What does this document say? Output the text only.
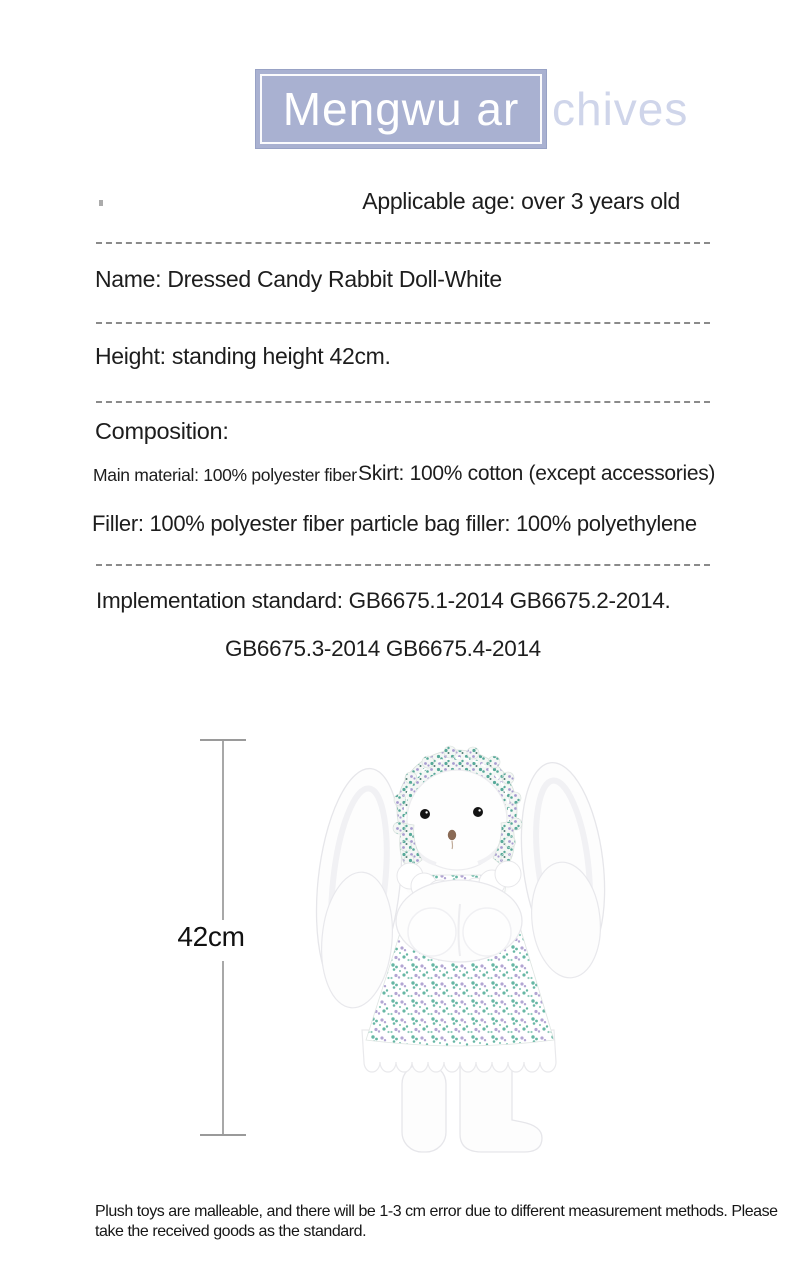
Mengwu ar chives
Applicable age: over 3 years old
Name: Dressed Candy Rabbit Doll-White
Height: standing height 42cm.
Composition:
Main material: 100% polyester fiber Skirt: 100% cotton (except accessories)
Filler: 100% polyester fiber particle bag filler: 100% polyethylene
Implementation standard: GB6675.1-2014 GB6675.2-2014.
GB6675.3-2014 GB6675.4-2014
42cm

Plush toys are malleable, and there will be 1-3 cm error due to different measurement methods. Please take the received goods as the standard.
